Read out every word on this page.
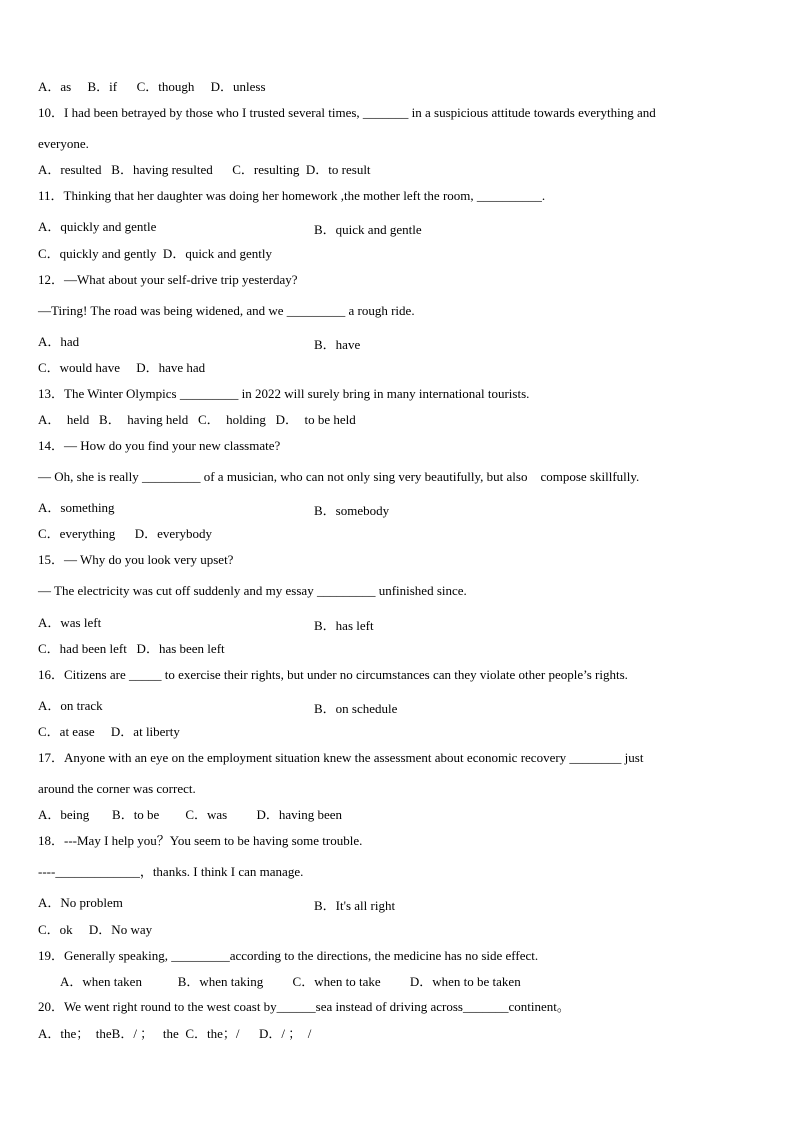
A．as     B．if      C．though     D．unless
10．I had been betrayed by those who I trusted several times, _______ in a suspicious attitude towards everything and
everyone.
A．resulted   B．having resulted      C．resulting  D．to result
11．Thinking that her daughter was doing her homework ,the mother left the room, __________.
A．quickly and gentle	B．quick and gentle
C．quickly and gently  D．quick and gently
12．—What about your self-drive trip yesterday?
—Tiring! The road was being widened, and we _________ a rough ride.
A．had	B．have
C．would have     D．have had
13．The Winter Olympics _________ in 2022 will surely bring in many international tourists.
A．  held   B．  having held   C．  holding   D．  to be held
14．— How do you find your new classmate?
— Oh, she is really _________ of a musician, who can not only sing very beautifully, but also    compose skillfully.
A．something	B．somebody
C．everything      D．everybody
15．— Why do you look very upset?
— The electricity was cut off suddenly and my essay _________ unfinished since.
A．was left	B．has left
C．had been left   D．has been left
16．Citizens are _____ to exercise their rights, but under no circumstances can they violate other people’s rights.
A．on track	B．on schedule
C．at ease     D．at liberty
17．Anyone with an eye on the employment situation knew the assessment about economic recovery ________ just
around the corner was correct.
A．being       B．to be        C．was         D．having been
18．---May I help you？You seem to be having some trouble.
----_____________，thanks. I think I can manage.
A．No problem	B．It's all right
C．ok     D．No way
19．Generally speaking, _________according to the directions, the medicine has no side effect.
A．when taken           B．when taking         C．when to take         D．when to be taken
20．We went right round to the west coast by______sea instead of driving across_______continent。
A．the；  theB．/ ；   the  C．the；/      D．/ ；  /
